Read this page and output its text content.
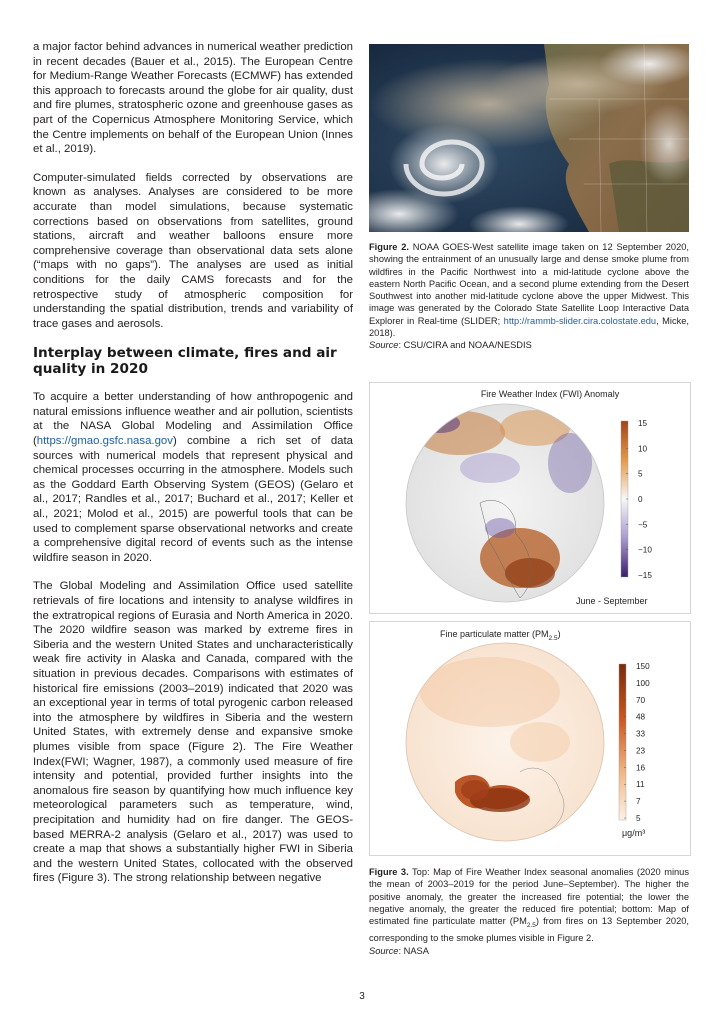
a major factor behind advances in numerical weather prediction in recent decades (Bauer et al., 2015). The European Centre for Medium-Range Weather Forecasts (ECMWF) has extended this approach to forecasts around the globe for air quality, dust and fire plumes, stratospheric ozone and greenhouse gases as part of the Copernicus Atmosphere Monitoring Service, which the Centre implements on behalf of the European Union (Innes et al., 2019).

Computer-simulated fields corrected by observations are known as analyses. Analyses are considered to be more accurate than model simulations, because systematic corrections based on observations from satellites, ground stations, aircraft and weather balloons ensure more comprehensive coverage than observational data sets alone (“maps with no gaps”). The analyses are used as initial conditions for the daily CAMS forecasts and for the retrospective study of atmospheric composition for understanding the spatial distribution, trends and variability of trace gases and aerosols.

Interplay between climate, fires and air quality in 2020

To acquire a better understanding of how anthropogenic and natural emissions influence weather and air pollution, scientists at the NASA Global Modeling and Assimilation Office (https://gmao.gsfc.nasa.gov) combine a rich set of data sources with numerical models that represent physical and chemical processes occurring in the atmosphere. Models such as the Goddard Earth Observing System (GEOS) (Gelaro et al., 2017; Randles et al., 2017; Buchard et al., 2017; Keller et al., 2021; Molod et al., 2015) are powerful tools that can be used to complement sparse observational networks and create a comprehensive digital record of events such as the intense wildfire season in 2020.

The Global Modeling and Assimilation Office used satellite retrievals of fire locations and intensity to analyse wildfires in the extratropical regions of Eurasia and North America in 2020. The 2020 wildfire season was marked by extreme fires in Siberia and the western United States and uncharacteristically weak fire activity in Alaska and Canada, compared with the situation in previous decades. Comparisons with estimates of historical fire emissions (2003–2019) indicated that 2020 was an exceptional year in terms of total pyrogenic carbon released into the atmosphere by wildfires in Siberia and the western United States, with extremely dense and expansive smoke plumes visible from space (Figure 2). The Fire Weather Index(FWI; Wagner, 1987), a commonly used measure of fire intensity and potential, provided further insights into the anomalous fire season by quantifying how much influence key meteorological parameters such as temperature, wind, precipitation and humidity had on fire danger. The GEOS-based MERRA-2 analysis (Gelaro et al., 2017) was used to create a map that shows a substantially higher FWI in Siberia and the western United States, collocated with the observed fires (Figure 3). The strong relationship between negative

Figure 2. NOAA GOES-West satellite image taken on 12 September 2020, showing the entrainment of an unusually large and dense smoke plume from wildfires in the Pacific Northwest into a mid-latitude cyclone above the eastern North Pacific Ocean, and a second plume extending from the Desert Southwest into another mid-latitude cyclone above the upper Midwest. This image was generated by the Colorado State Satellite Loop Interactive Data Explorer in Real-time (SLIDER; http://rammb-slider.cira.colostate.edu, Micke, 2018).
Source: CSU/CIRA and NOAA/NESDIS
Fire Weather Index (FWI) Anomaly
15
10
5
0
−5
−10
−15
June - September
Fine particulate matter $(PM_{2.5})$
150
100
70
48
33
23
16
11
7
5
μg/m³
Figure 3. Top: Map of Fire Weather Index seasonal anomalies (2020 minus the mean of 2003–2019 for the period June–September). The higher the positive anomaly, the greater the increased fire potential; the lower the negative anomaly, the greater the reduced fire potential; bottom: Map of estimated fine particulate matter $(PM_{2.5})$ from fires on 13 September 2020, corresponding to the smoke plumes visible in Figure 2.
Source: NASA
3
